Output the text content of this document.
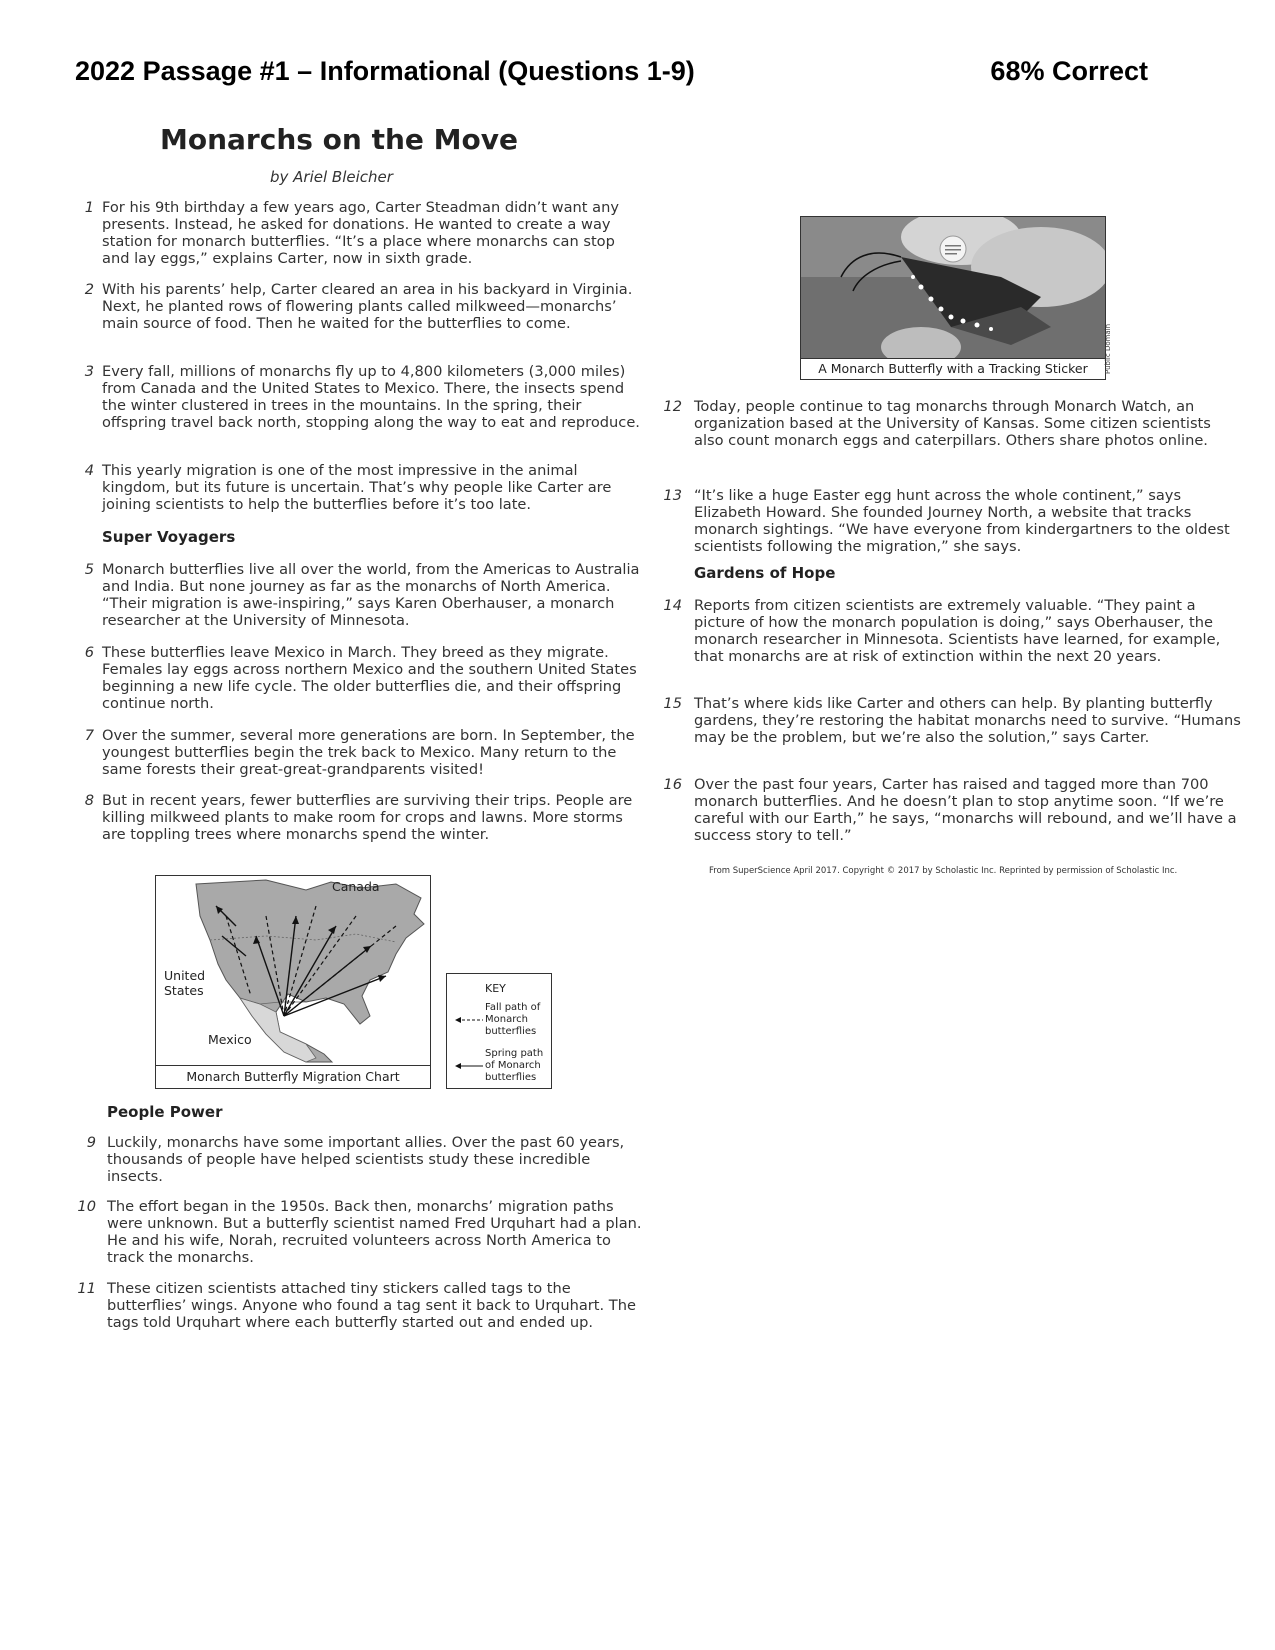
2022 Passage #1 – Informational (Questions 1-9)	68% Correct
Monarchs on the Move
by Ariel Bleicher
1 For his 9th birthday a few years ago, Carter Steadman didn’t want any presents. Instead, he asked for donations. He wanted to create a way station for monarch butterflies. “It’s a place where monarchs can stop and lay eggs,” explains Carter, now in sixth grade.
2 With his parents’ help, Carter cleared an area in his backyard in Virginia. Next, he planted rows of flowering plants called milkweed—monarchs’ main source of food. Then he waited for the butterflies to come.
3 Every fall, millions of monarchs fly up to 4,800 kilometers (3,000 miles) from Canada and the United States to Mexico. There, the insects spend the winter clustered in trees in the mountains. In the spring, their offspring travel back north, stopping along the way to eat and reproduce.
4 This yearly migration is one of the most impressive in the animal kingdom, but its future is uncertain. That’s why people like Carter are joining scientists to help the butterflies before it’s too late.
Super Voyagers
5 Monarch butterflies live all over the world, from the Americas to Australia and India. But none journey as far as the monarchs of North America. “Their migration is awe-inspiring,” says Karen Oberhauser, a monarch researcher at the University of Minnesota.
6 These butterflies leave Mexico in March. They breed as they migrate. Females lay eggs across northern Mexico and the southern United States beginning a new life cycle. The older butterflies die, and their offspring continue north.
7 Over the summer, several more generations are born. In September, the youngest butterflies begin the trek back to Mexico. Many return to the same forests their great-great-grandparents visited!
8 But in recent years, fewer butterflies are surviving their trips. People are killing milkweed plants to make room for crops and lawns. More storms are toppling trees where monarchs spend the winter.
Canada
United States
Mexico
Monarch Butterfly Migration Chart
KEY
Fall path of Monarch butterflies
Spring path of Monarch butterflies
People Power
9 Luckily, monarchs have some important allies. Over the past 60 years, thousands of people have helped scientists study these incredible insects.
10 The effort began in the 1950s. Back then, monarchs’ migration paths were unknown. But a butterfly scientist named Fred Urquhart had a plan. He and his wife, Norah, recruited volunteers across North America to track the monarchs.
11 These citizen scientists attached tiny stickers called tags to the butterflies’ wings. Anyone who found a tag sent it back to Urquhart. The tags told Urquhart where each butterfly started out and ended up.
A Monarch Butterfly with a Tracking Sticker	Public Domain
12 Today, people continue to tag monarchs through Monarch Watch, an organization based at the University of Kansas. Some citizen scientists also count monarch eggs and caterpillars. Others share photos online.
13 “It’s like a huge Easter egg hunt across the whole continent,” says Elizabeth Howard. She founded Journey North, a website that tracks monarch sightings. “We have everyone from kindergartners to the oldest scientists following the migration,” she says.
Gardens of Hope
14 Reports from citizen scientists are extremely valuable. “They paint a picture of how the monarch population is doing,” says Oberhauser, the monarch researcher in Minnesota. Scientists have learned, for example, that monarchs are at risk of extinction within the next 20 years.
15 That’s where kids like Carter and others can help. By planting butterfly gardens, they’re restoring the habitat monarchs need to survive. “Humans may be the problem, but we’re also the solution,” says Carter.
16 Over the past four years, Carter has raised and tagged more than 700 monarch butterflies. And he doesn’t plan to stop anytime soon. “If we’re careful with our Earth,” he says, “monarchs will rebound, and we’ll have a success story to tell.”
From SuperScience April 2017. Copyright © 2017 by Scholastic Inc. Reprinted by permission of Scholastic Inc.
